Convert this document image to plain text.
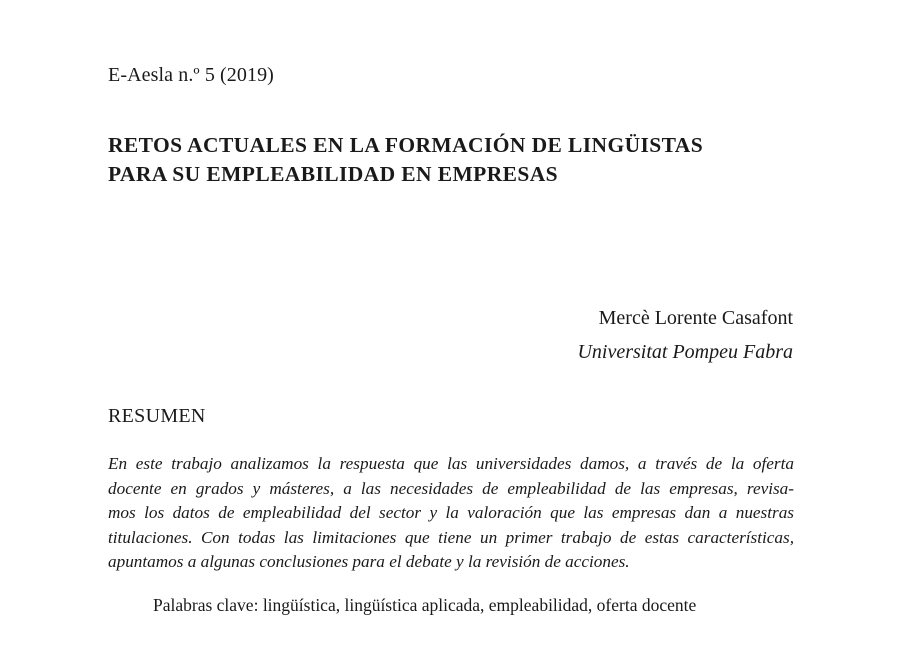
E-Aesla n.º 5 (2019)
RETOS ACTUALES EN LA FORMACIÓN DE LINGÜISTAS
PARA SU EMPLEABILIDAD EN EMPRESAS
Mercè Lorente Casafont
Universitat Pompeu Fabra
RESUMEN
En este trabajo analizamos la respuesta que las universidades damos, a través de la oferta
docente en grados y másteres, a las necesidades de empleabilidad de las empresas, revisa-
mos los datos de empleabilidad del sector y la valoración que las empresas dan a nuestras
titulaciones. Con todas las limitaciones que tiene un primer trabajo de estas características,
apuntamos a algunas conclusiones para el debate y la revisión de acciones.
Palabras clave: lingüística, lingüística aplicada, empleabilidad, oferta docente
